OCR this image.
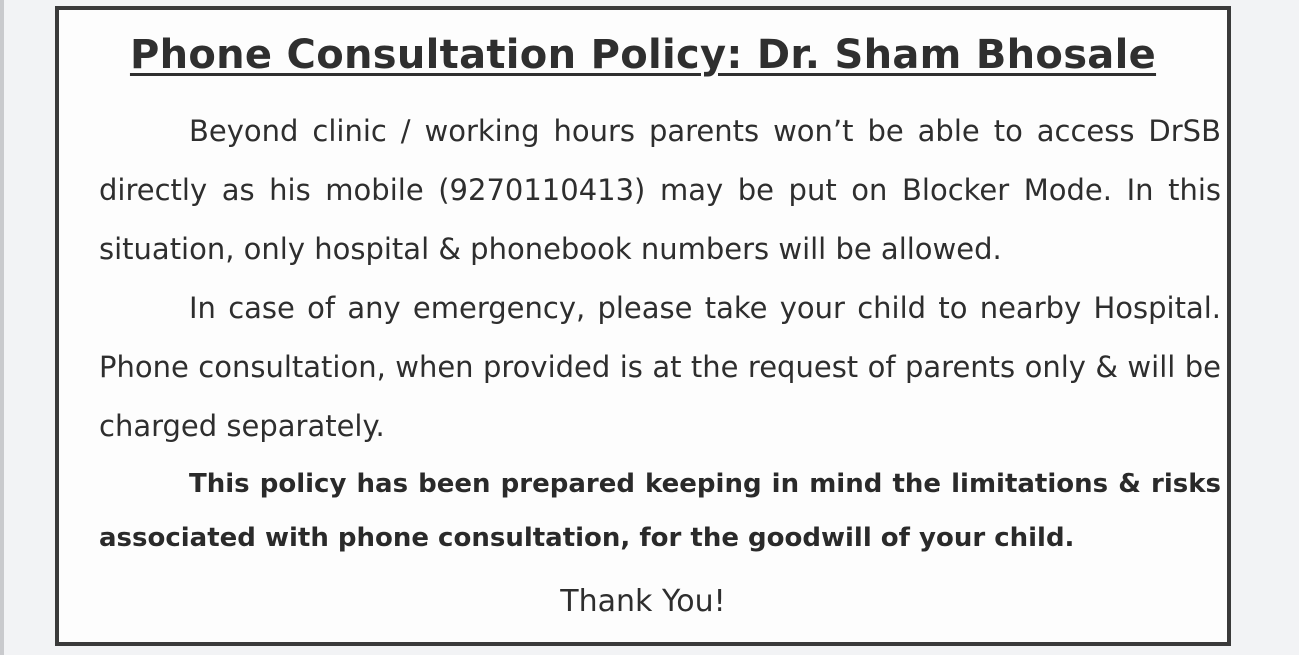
Phone Consultation Policy: Dr. Sham Bhosale

Beyond clinic / working hours parents won’t be able to access DrSB directly as his mobile (9270110413) may be put on Blocker Mode. In this situation, only hospital & phonebook numbers will be allowed.

In case of any emergency, please take your child to nearby Hospital. Phone consultation, when provided is at the request of parents only & will be charged separately.

This policy has been prepared keeping in mind the limitations & risks associated with phone consultation, for the goodwill of your child.

Thank You!
